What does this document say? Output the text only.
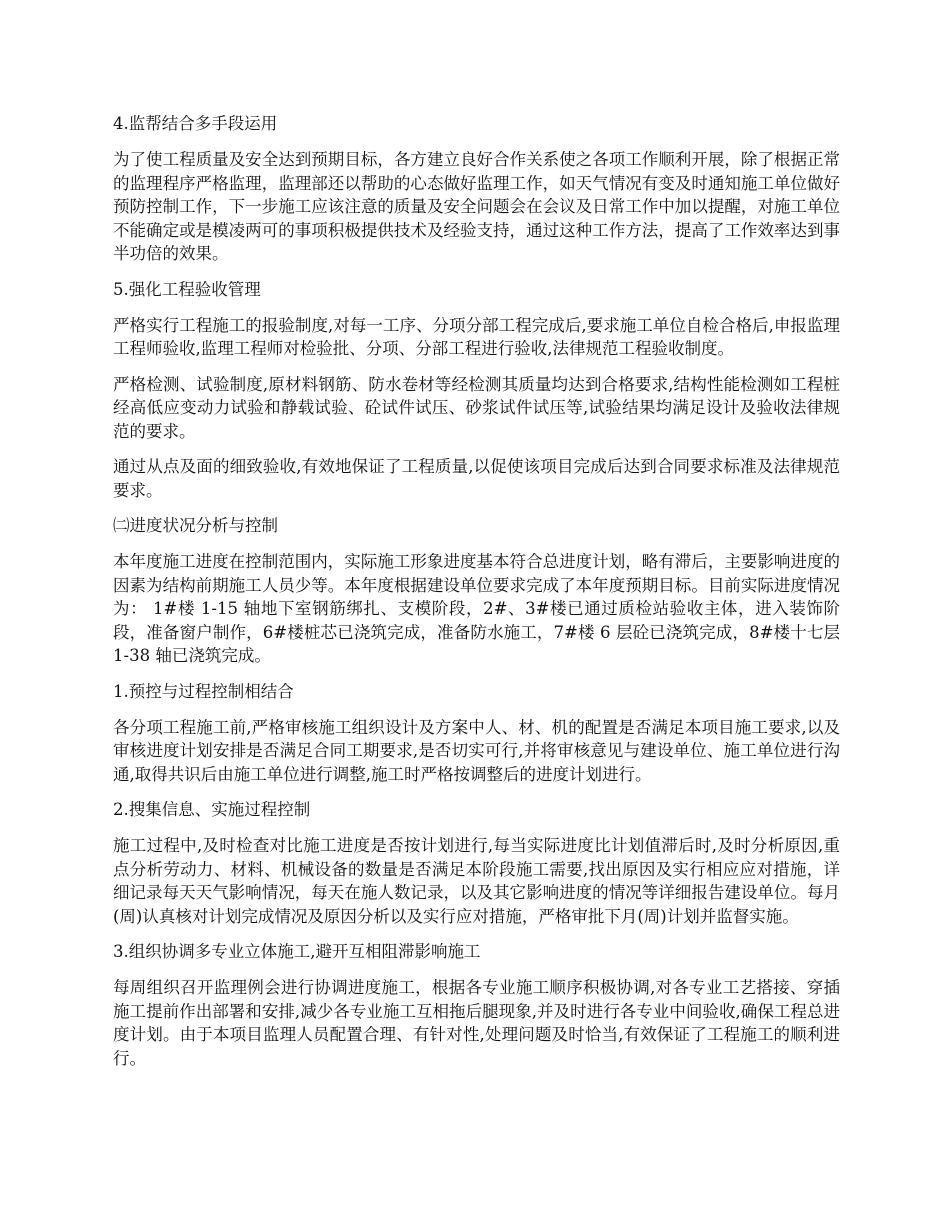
4.监帮结合多手段运用
为了使工程质量及安全达到预期目标，各方建立良好合作关系使之各项工作顺利开展，除了根据正常的监理程序严格监理，监理部还以帮助的心态做好监理工作，如天气情况有变及时通知施工单位做好预防控制工作，下一步施工应该注意的质量及安全问题会在会议及日常工作中加以提醒，对施工单位不能确定或是模凌两可的事项积极提供技术及经验支持，通过这种工作方法，提高了工作效率达到事半功倍的效果。
5.强化工程验收管理
严格实行工程施工的报验制度,对每一工序、分项分部工程完成后,要求施工单位自检合格后,申报监理工程师验收,监理工程师对检验批、分项、分部工程进行验收,法律规范工程验收制度。
严格检测、试验制度,原材料钢筋、防水卷材等经检测其质量均达到合格要求,结构性能检测如工程桩经高低应变动力试验和静载试验、砼试件试压、砂浆试件试压等,试验结果均满足设计及验收法律规范的要求。
通过从点及面的细致验收,有效地保证了工程质量,以促使该项目完成后达到合同要求标准及法律规范要求。
㈡进度状况分析与控制
本年度施工进度在控制范围内，实际施工形象进度基本符合总进度计划，略有滞后，主要影响进度的因素为结构前期施工人员少等。本年度根据建设单位要求完成了本年度预期目标。目前实际进度情况为： 1#楼 1-15 轴地下室钢筋绑扎、支模阶段，2#、3#楼已通过质检站验收主体，进入装饰阶段，准备窗户制作，6#楼桩芯已浇筑完成，准备防水施工，7#楼 6 层砼已浇筑完成，8#楼十七层 1-38 轴已浇筑完成。
1.预控与过程控制相结合
各分项工程施工前,严格审核施工组织设计及方案中人、材、机的配置是否满足本项目施工要求,以及审核进度计划安排是否满足合同工期要求,是否切实可行,并将审核意见与建设单位、施工单位进行沟通,取得共识后由施工单位进行调整,施工时严格按调整后的进度计划进行。
2.搜集信息、实施过程控制
施工过程中,及时检查对比施工进度是否按计划进行,每当实际进度比计划值滞后时,及时分析原因,重点分析劳动力、材料、机械设备的数量是否满足本阶段施工需要,找出原因及实行相应应对措施，详细记录每天天气影响情况，每天在施人数记录，以及其它影响进度的情况等详细报告建设单位。每月(周)认真核对计划完成情况及原因分析以及实行应对措施，严格审批下月(周)计划并监督实施。
3.组织协调多专业立体施工,避开互相阻滞影响施工
每周组织召开监理例会进行协调进度施工，根据各专业施工顺序积极协调,对各专业工艺搭接、穿插施工提前作出部署和安排,减少各专业施工互相拖后腿现象,并及时进行各专业中间验收,确保工程总进度计划。由于本项目监理人员配置合理、有针对性,处理问题及时恰当,有效保证了工程施工的顺利进行。
